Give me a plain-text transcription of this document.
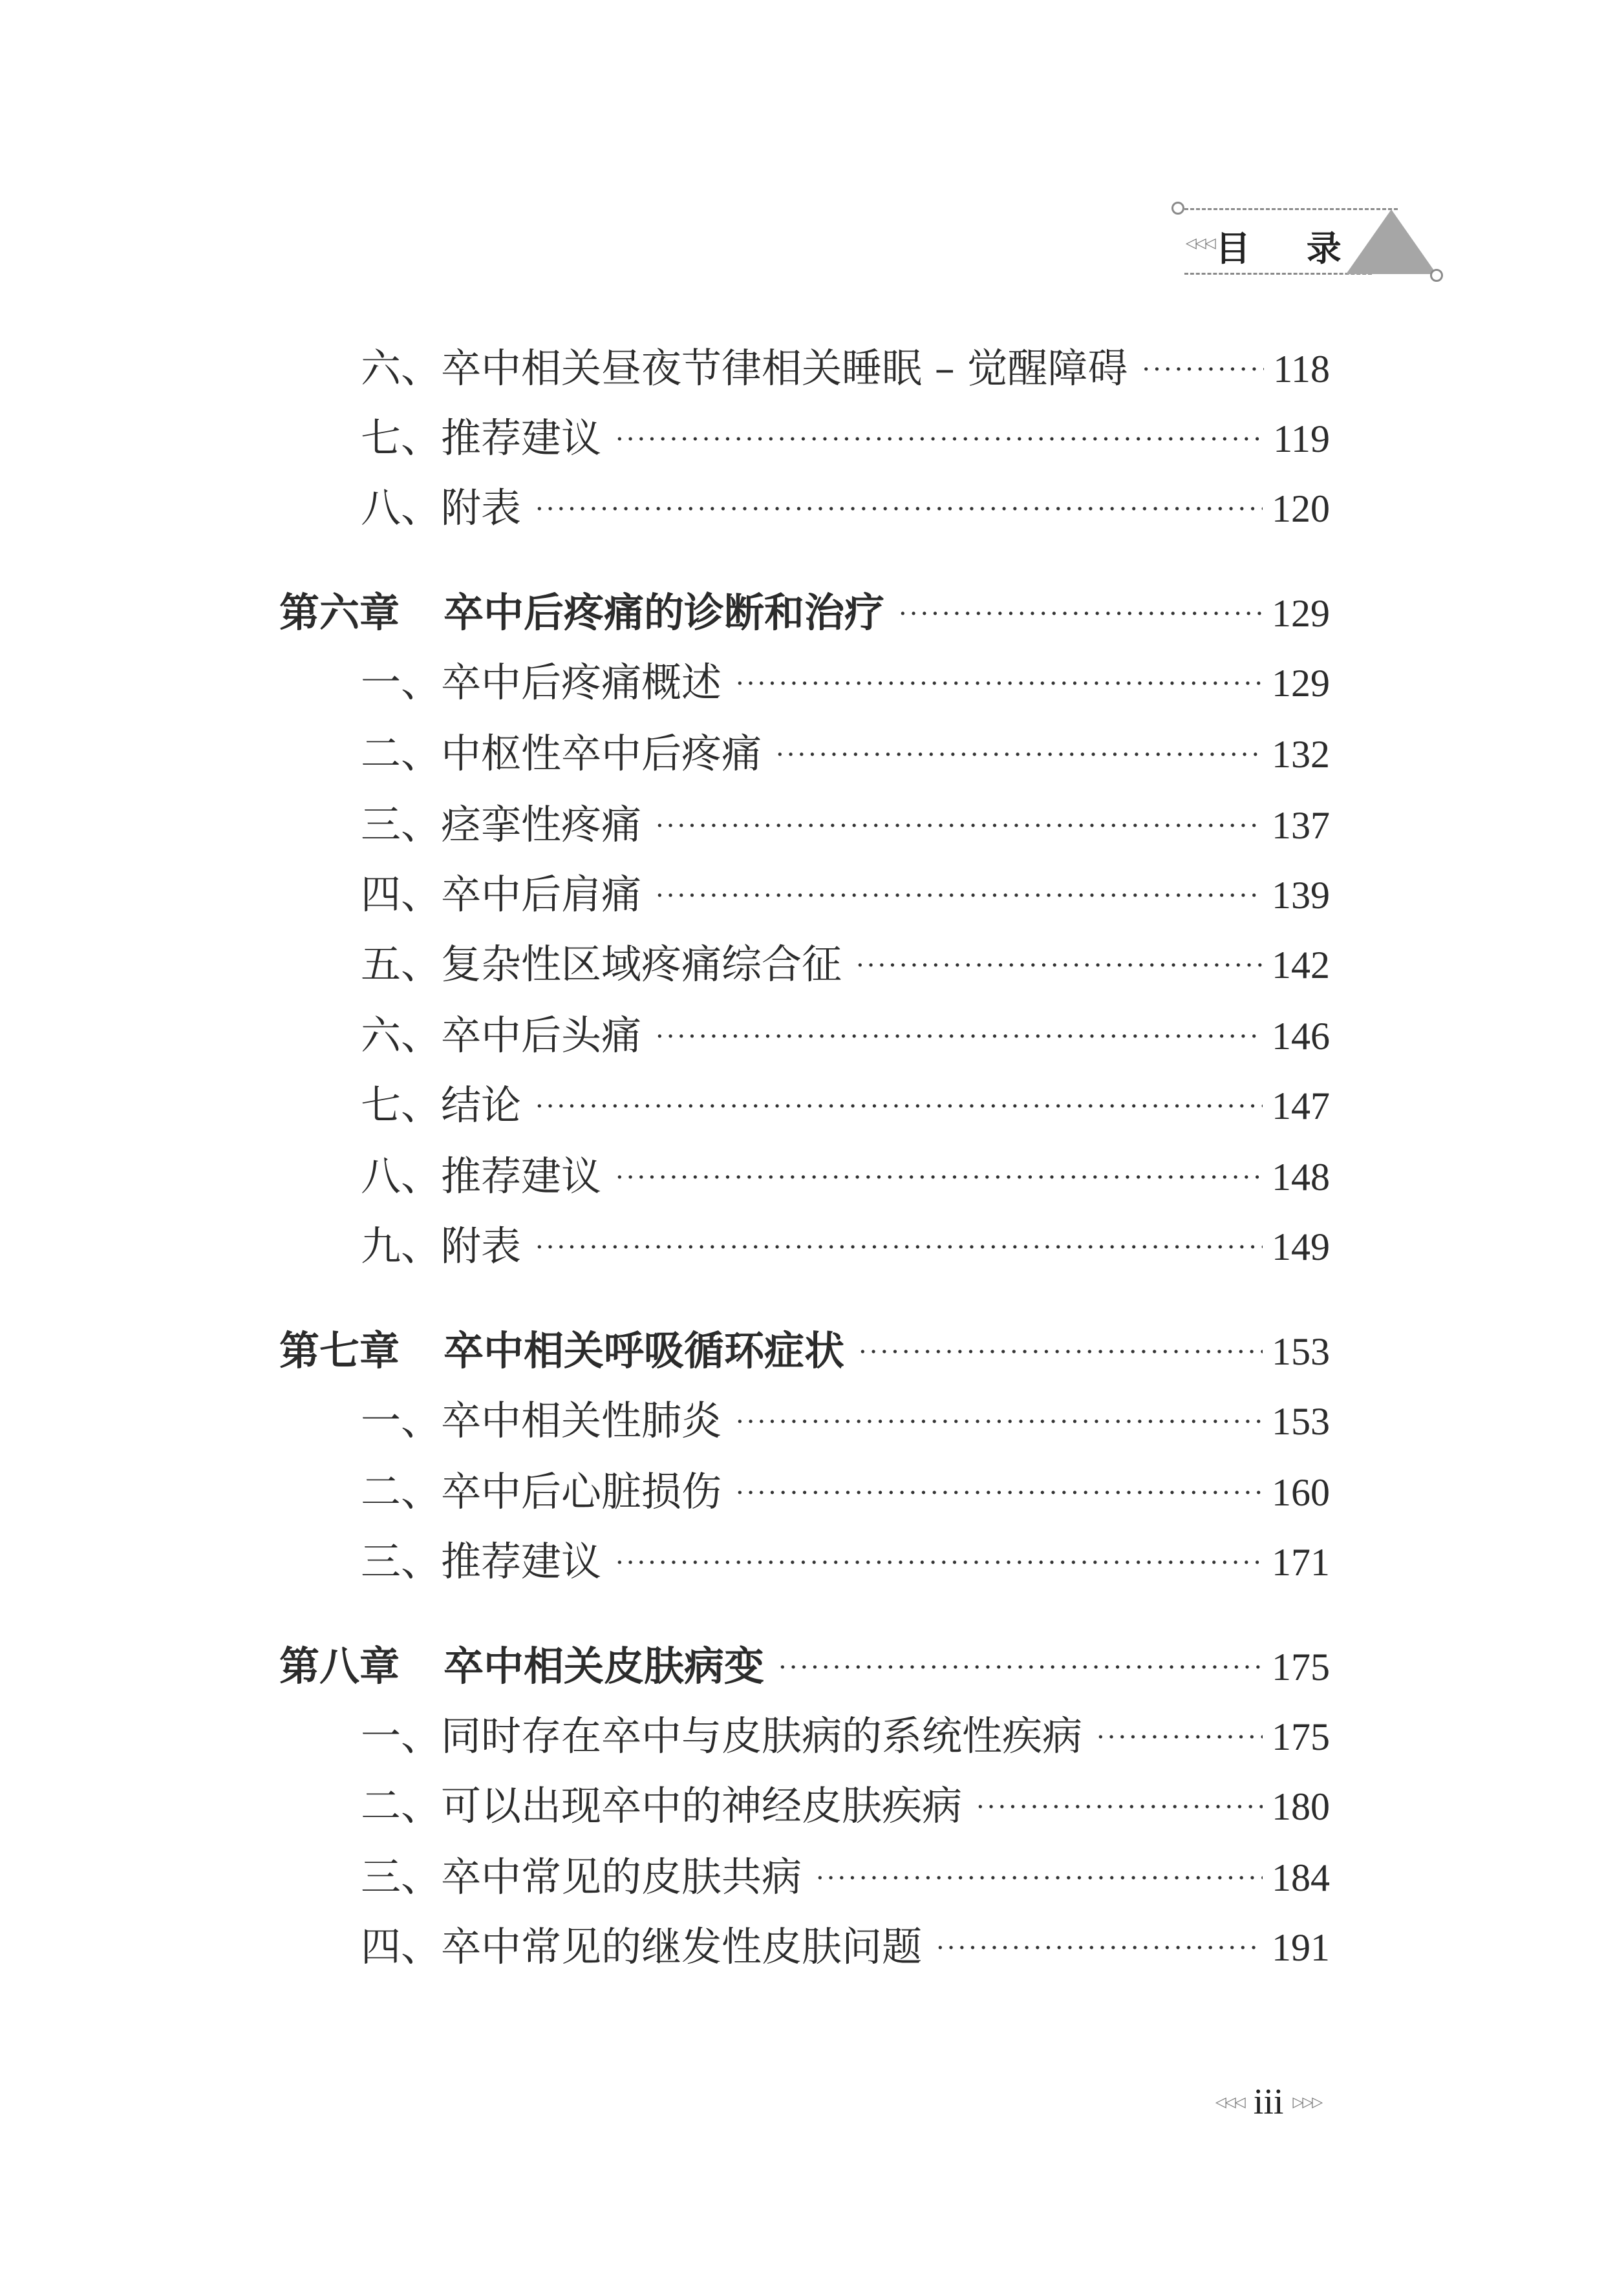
◁◁◁ 目 录
六、卒中相关昼夜节律相关睡眠 – 觉醒障碍 ·····	118
七、推荐建议 ·····	119
八、附表 ·····	120
第六章 卒中后疼痛的诊断和治疗 ·····	129
一、卒中后疼痛概述 ·····	129
二、中枢性卒中后疼痛 ·····	132
三、痉挛性疼痛 ·····	137
四、卒中后肩痛 ·····	139
五、复杂性区域疼痛综合征 ·····	142
六、卒中后头痛 ·····	146
七、结论 ·····	147
八、推荐建议 ·····	148
九、附表 ·····	149
第七章 卒中相关呼吸循环症状 ·····	153
一、卒中相关性肺炎 ·····	153
二、卒中后心脏损伤 ·····	160
三、推荐建议 ·····	171
第八章 卒中相关皮肤病变 ·····	175
一、同时存在卒中与皮肤病的系统性疾病 ·····	175
二、可以出现卒中的神经皮肤疾病 ·····	180
三、卒中常见的皮肤共病 ·····	184
四、卒中常见的继发性皮肤问题 ·····	191
◁◁◁ iii ▷▷▷
